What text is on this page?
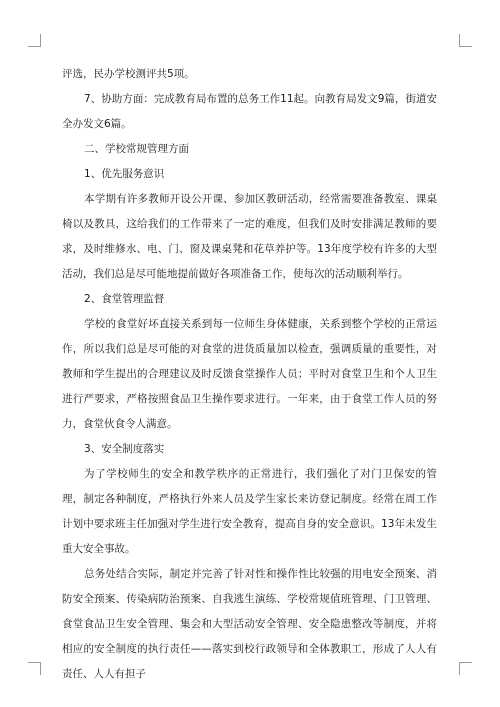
评选，民办学校测评共5项。

7、协助方面：完成教育局布置的总务工作11起。向教育局发文9篇，街道安全办发文6篇。

二、学校常规管理方面

1、优先服务意识

本学期有许多教师开设公开课、参加区教研活动，经常需要准备教室、课桌椅以及教具，这给我们的工作带来了一定的难度，但我们及时安排满足教师的要求，及时维修水、电、门、窗及课桌凳和花草养护等。13年度学校有许多的大型活动，我们总是尽可能地提前做好各项准备工作，使每次的活动顺利举行。

2、食堂管理监督

学校的食堂好坏直接关系到每一位师生身体健康，关系到整个学校的正常运作，所以我们总是尽可能的对食堂的进货质量加以检查，强调质量的重要性，对教师和学生提出的合理建议及时反馈食堂操作人员；平时对食堂卫生和个人卫生进行严要求，严格按照食品卫生操作要求进行。一年来，由于食堂工作人员的努力，食堂伙食令人满意。

3、安全制度落实

为了学校师生的安全和教学秩序的正常进行，我们强化了对门卫保安的管理，制定各种制度，严格执行外来人员及学生家长来访登记制度。经常在周工作计划中要求班主任加强对学生进行安全教育，提高自身的安全意识。13年未发生重大安全事故。

总务处结合实际，制定并完善了针对性和操作性比较强的用电安全预案、消防安全预案、传染病防治预案、自我逃生演练、学校常规值班管理、门卫管理、食堂食品卫生安全管理、集会和大型活动安全管理、安全隐患整改等制度，并将相应的安全制度的执行责任——落实到校行政领导和全体教职工，形成了人人有责任、人人有担子
